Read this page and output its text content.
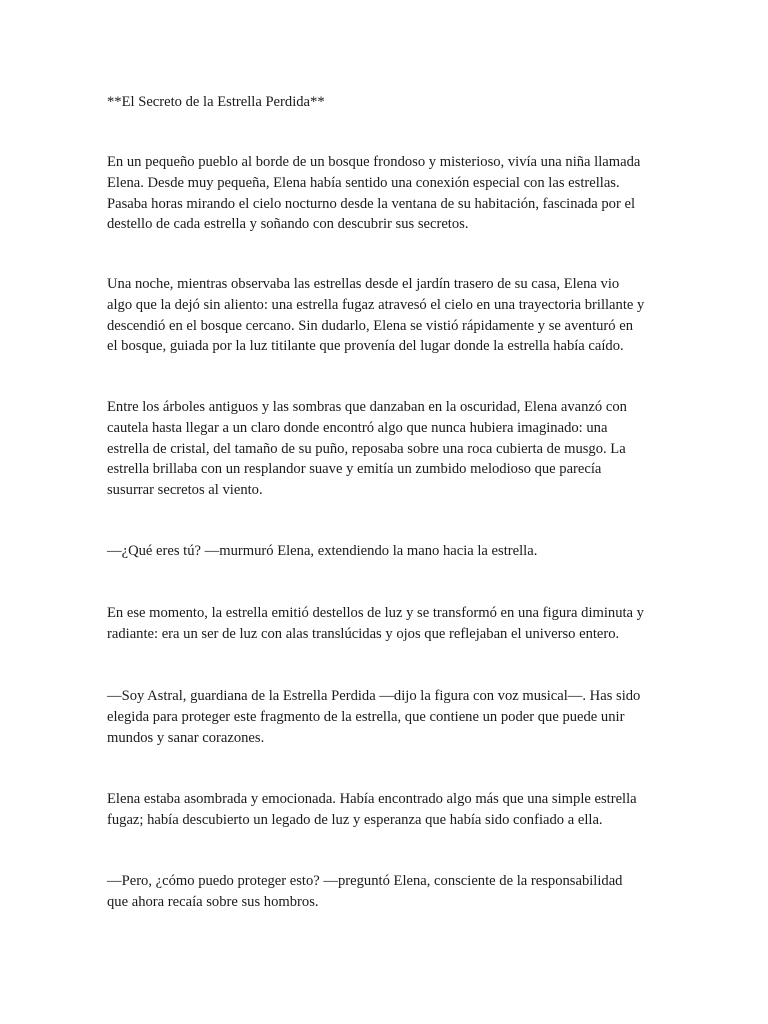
**El Secreto de la Estrella Perdida**

En un pequeño pueblo al borde de un bosque frondoso y misterioso, vivía una niña llamada
Elena. Desde muy pequeña, Elena había sentido una conexión especial con las estrellas.
Pasaba horas mirando el cielo nocturno desde la ventana de su habitación, fascinada por el
destello de cada estrella y soñando con descubrir sus secretos.
Una noche, mientras observaba las estrellas desde el jardín trasero de su casa, Elena vio
algo que la dejó sin aliento: una estrella fugaz atravesó el cielo en una trayectoria brillante y
descendió en el bosque cercano. Sin dudarlo, Elena se vistió rápidamente y se aventuró en
el bosque, guiada por la luz titilante que provenía del lugar donde la estrella había caído.
Entre los árboles antiguos y las sombras que danzaban en la oscuridad, Elena avanzó con
cautela hasta llegar a un claro donde encontró algo que nunca hubiera imaginado: una
estrella de cristal, del tamaño de su puño, reposaba sobre una roca cubierta de musgo. La
estrella brillaba con un resplandor suave y emitía un zumbido melodioso que parecía
susurrar secretos al viento.
—¿Qué eres tú? —murmuró Elena, extendiendo la mano hacia la estrella.
En ese momento, la estrella emitió destellos de luz y se transformó en una figura diminuta y
radiante: era un ser de luz con alas translúcidas y ojos que reflejaban el universo entero.
—Soy Astral, guardiana de la Estrella Perdida —dijo la figura con voz musical—. Has sido
elegida para proteger este fragmento de la estrella, que contiene un poder que puede unir
mundos y sanar corazones.
Elena estaba asombrada y emocionada. Había encontrado algo más que una simple estrella
fugaz; había descubierto un legado de luz y esperanza que había sido confiado a ella.
—Pero, ¿cómo puedo proteger esto? —preguntó Elena, consciente de la responsabilidad
que ahora recaía sobre sus hombros.
